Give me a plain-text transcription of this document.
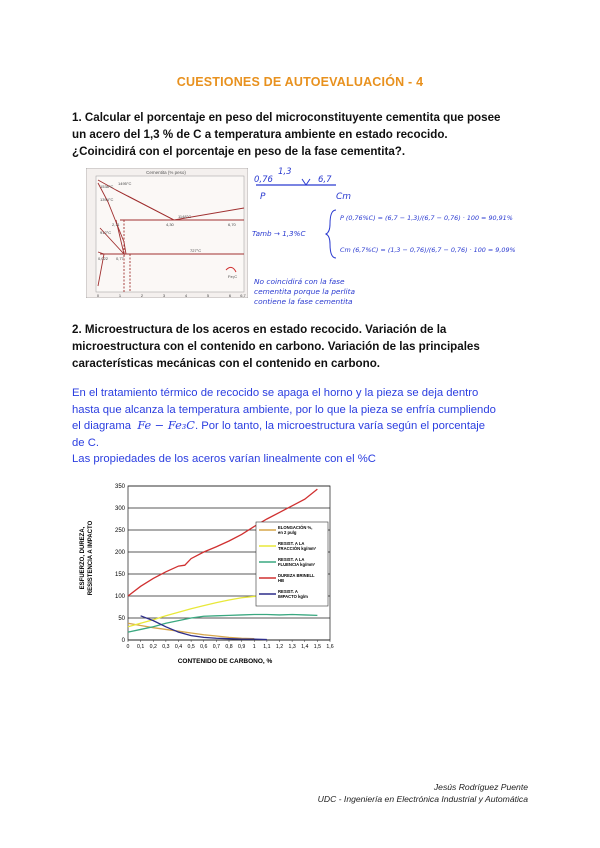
CUESTIONES DE AUTOEVALUACIÓN - 4
1. Calcular el porcentaje en peso del microconstituyente cementita que posee
un acero del 1,3 % de C a temperatura ambiente en estado recocido.
¿Coincidirá con el porcentaje en peso de la fase cementita?.
Cementita (% peso)
1538°C
1495°C
1394°C
1148°C
912°C
727°C
2,11	4,30
0,77
0,022
6,70
Fe₃C
0	1	2	3	4	5	6 6,7
0,76
1,3
6,7
P	Cm
Tamb → 1,3%C
P (0,76%C) = (6,7 − 1,3)/(6,7 − 0,76) · 100 = 90,91%
Cm (6,7%C) = (1,3 − 0,76)/(6,7 − 0,76) · 100 = 9,09%
No coincidirá con la fase
cementita porque la perlita
contiene la fase cementita
2. Microestructura de los aceros en estado recocido. Variación de la
microestructura con el contenido en carbono. Variación de las principales
características mecánicas con el contenido en carbono.
En el tratamiento térmico de recocido se apaga el horno y la pieza se deja dentro
hasta que alcanza la temperatura ambiente, por lo que la pieza se enfría cumpliendo
el diagrama Fe − Fe₃C. Por lo tanto, la microestructura varía según el porcentaje
de C.
Las propiedades de los aceros varían linealmente con el %C
ESFUERZO, DUREZA, RESISTENCIA A IMPACTO
0
50
100
150
200
250
300
350
0 0,1 0,2 0,3 0,4 0,5 0,6 0,7 0,8 0,9 1 1,1 1,2 1,3 1,4 1,5 1,6
ELONGACIÓN %,
en 2 pulg
RESIST. A LA
TRACCIÓN kg/mm²
RESIST. A LA
FLUENCIA kg/mm²
DUREZA BRINELL
HB
RESIST. A
IMPACTO kg/m
CONTENIDO DE CARBONO, %
Jesús Rodríguez Puente
UDC - Ingeniería en Electrónica Industrial y Automática
